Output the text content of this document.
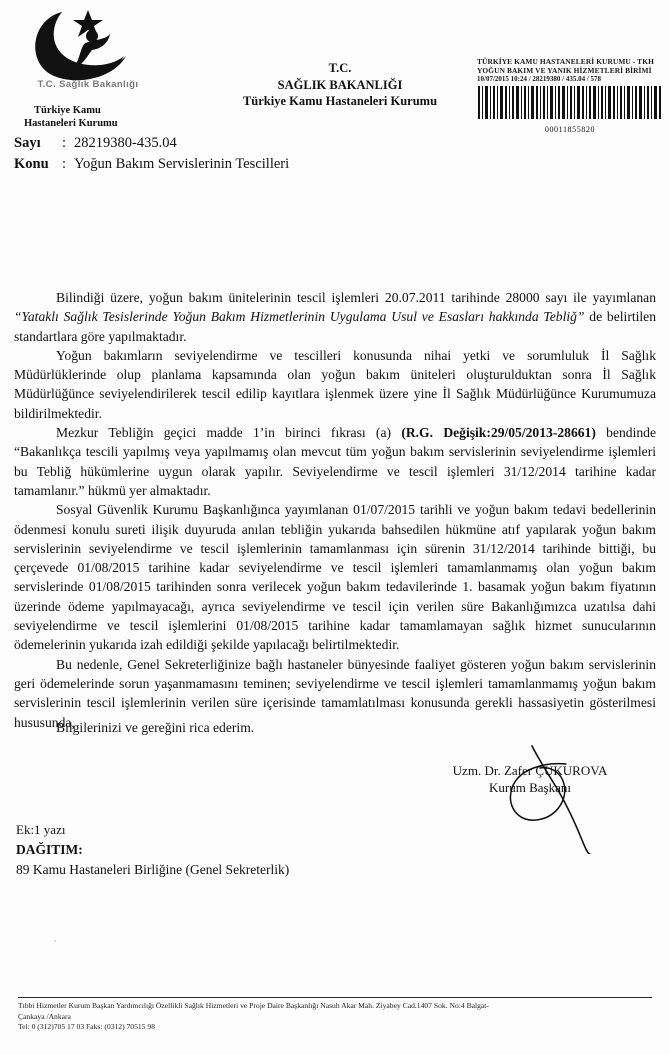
T.C. Sağlık Bakanlığı
T.C.
SAĞLIK BAKANLIĞI
Türkiye Kamu Hastaneleri Kurumu
TÜRKİYE KAMU HASTANELERİ KURUMU - TKH
YOĞUN BAKIM VE YANIK HİZMETLERİ BİRİMİ
10/07/2015 10:24 / 28219380 / 435.04 / 578
00011855820
Türkiye Kamu
Hastaneleri Kurumu
Sayı	: 28219380-435.04
Konu : Yoğun Bakım Servislerinin Tescilleri

Bilindiği üzere, yoğun bakım ünitelerinin tescil işlemleri 20.07.2011 tarihinde 28000 sayı ile yayımlanan “Yataklı Sağlık Tesislerinde Yoğun Bakım Hizmetlerinin Uygulama Usul ve Esasları hakkında Tebliğ” de belirtilen standartlara göre yapılmaktadır.

Yoğun bakımların seviyelendirme ve tescilleri konusunda nihai yetki ve sorumluluk İl Sağlık Müdürlüklerinde olup planlama kapsamında olan yoğun bakım üniteleri oluşturulduktan sonra İl Sağlık Müdürlüğünce seviyelendirilerek tescil edilip kayıtlara işlenmek üzere yine İl Sağlık Müdürlüğünce Kurumumuza bildirilmektedir.

Mezkur Tebliğin geçici madde 1’in birinci fıkrası (a) (R.G. Değişik:29/05/2013-28661) bendinde “Bakanlıkça tescili yapılmış veya yapılmamış olan mevcut tüm yoğun bakım servislerinin seviyelendirme işlemleri bu Tebliğ hükümlerine uygun olarak yapılır. Seviyelendirme ve tescil işlemleri 31/12/2014 tarihine kadar tamamlanır.” hükmü yer almaktadır.

Sosyal Güvenlik Kurumu Başkanlığınca yayımlanan 01/07/2015 tarihli ve yoğun bakım tedavi bedellerinin ödenmesi konulu sureti ilişik duyuruda anılan tebliğin yukarıda bahsedilen hükmüne atıf yapılarak yoğun bakım servislerinin seviyelendirme ve tescil işlemlerinin tamamlanması için sürenin 31/12/2014 tarihinde bittiği, bu çerçevede 01/08/2015 tarihine kadar seviyelendirme ve tescil işlemleri tamamlanmamış olan yoğun bakım servislerinde 01/08/2015 tarihinden sonra verilecek yoğun bakım tedavilerinde 1. basamak yoğun bakım fiyatının üzerinde ödeme yapılmayacağı, ayrıca seviyelendirme ve tescil için verilen süre Bakanlığımızca uzatılsa dahi seviyelendirme ve tescil işlemlerini 01/08/2015 tarihine kadar tamamlamayan sağlık hizmet sunucularının ödemelerinin yukarıda izah edildiği şekilde yapılacağı belirtilmektedir.

Bu nedenle, Genel Sekreterliğinize bağlı hastaneler bünyesinde faaliyet gösteren yoğun bakım servislerinin geri ödemelerinde sorun yaşanmamasını teminen; seviyelendirme ve tescil işlemleri tamamlanmamış yoğun bakım servislerinin tescil işlemlerinin verilen süre içerisinde tamamlatılması konusunda gerekli hassasiyetin gösterilmesi hususunda,

Bilgilerinizi ve gereğini rica ederim.
Uzm. Dr. Zafer ÇUKUROVA
Kurum Başkanı
Ek:1 yazı
DAĞITIM:
89 Kamu Hastaneleri Birliğine (Genel Sekreterlik)
Tıbbi Hizmetler Kurum Başkan Yardımcılığı Özellikli Sağlık Hizmetleri ve Proje Daire Başkanlığı Nasuh Akar Mah. Ziyabey Cad.1407 Sok. No:4 Balgat-
Çankaya /Ankara
Tel: 0 (312)705 17 03 Faks: (0312) 70515 98
